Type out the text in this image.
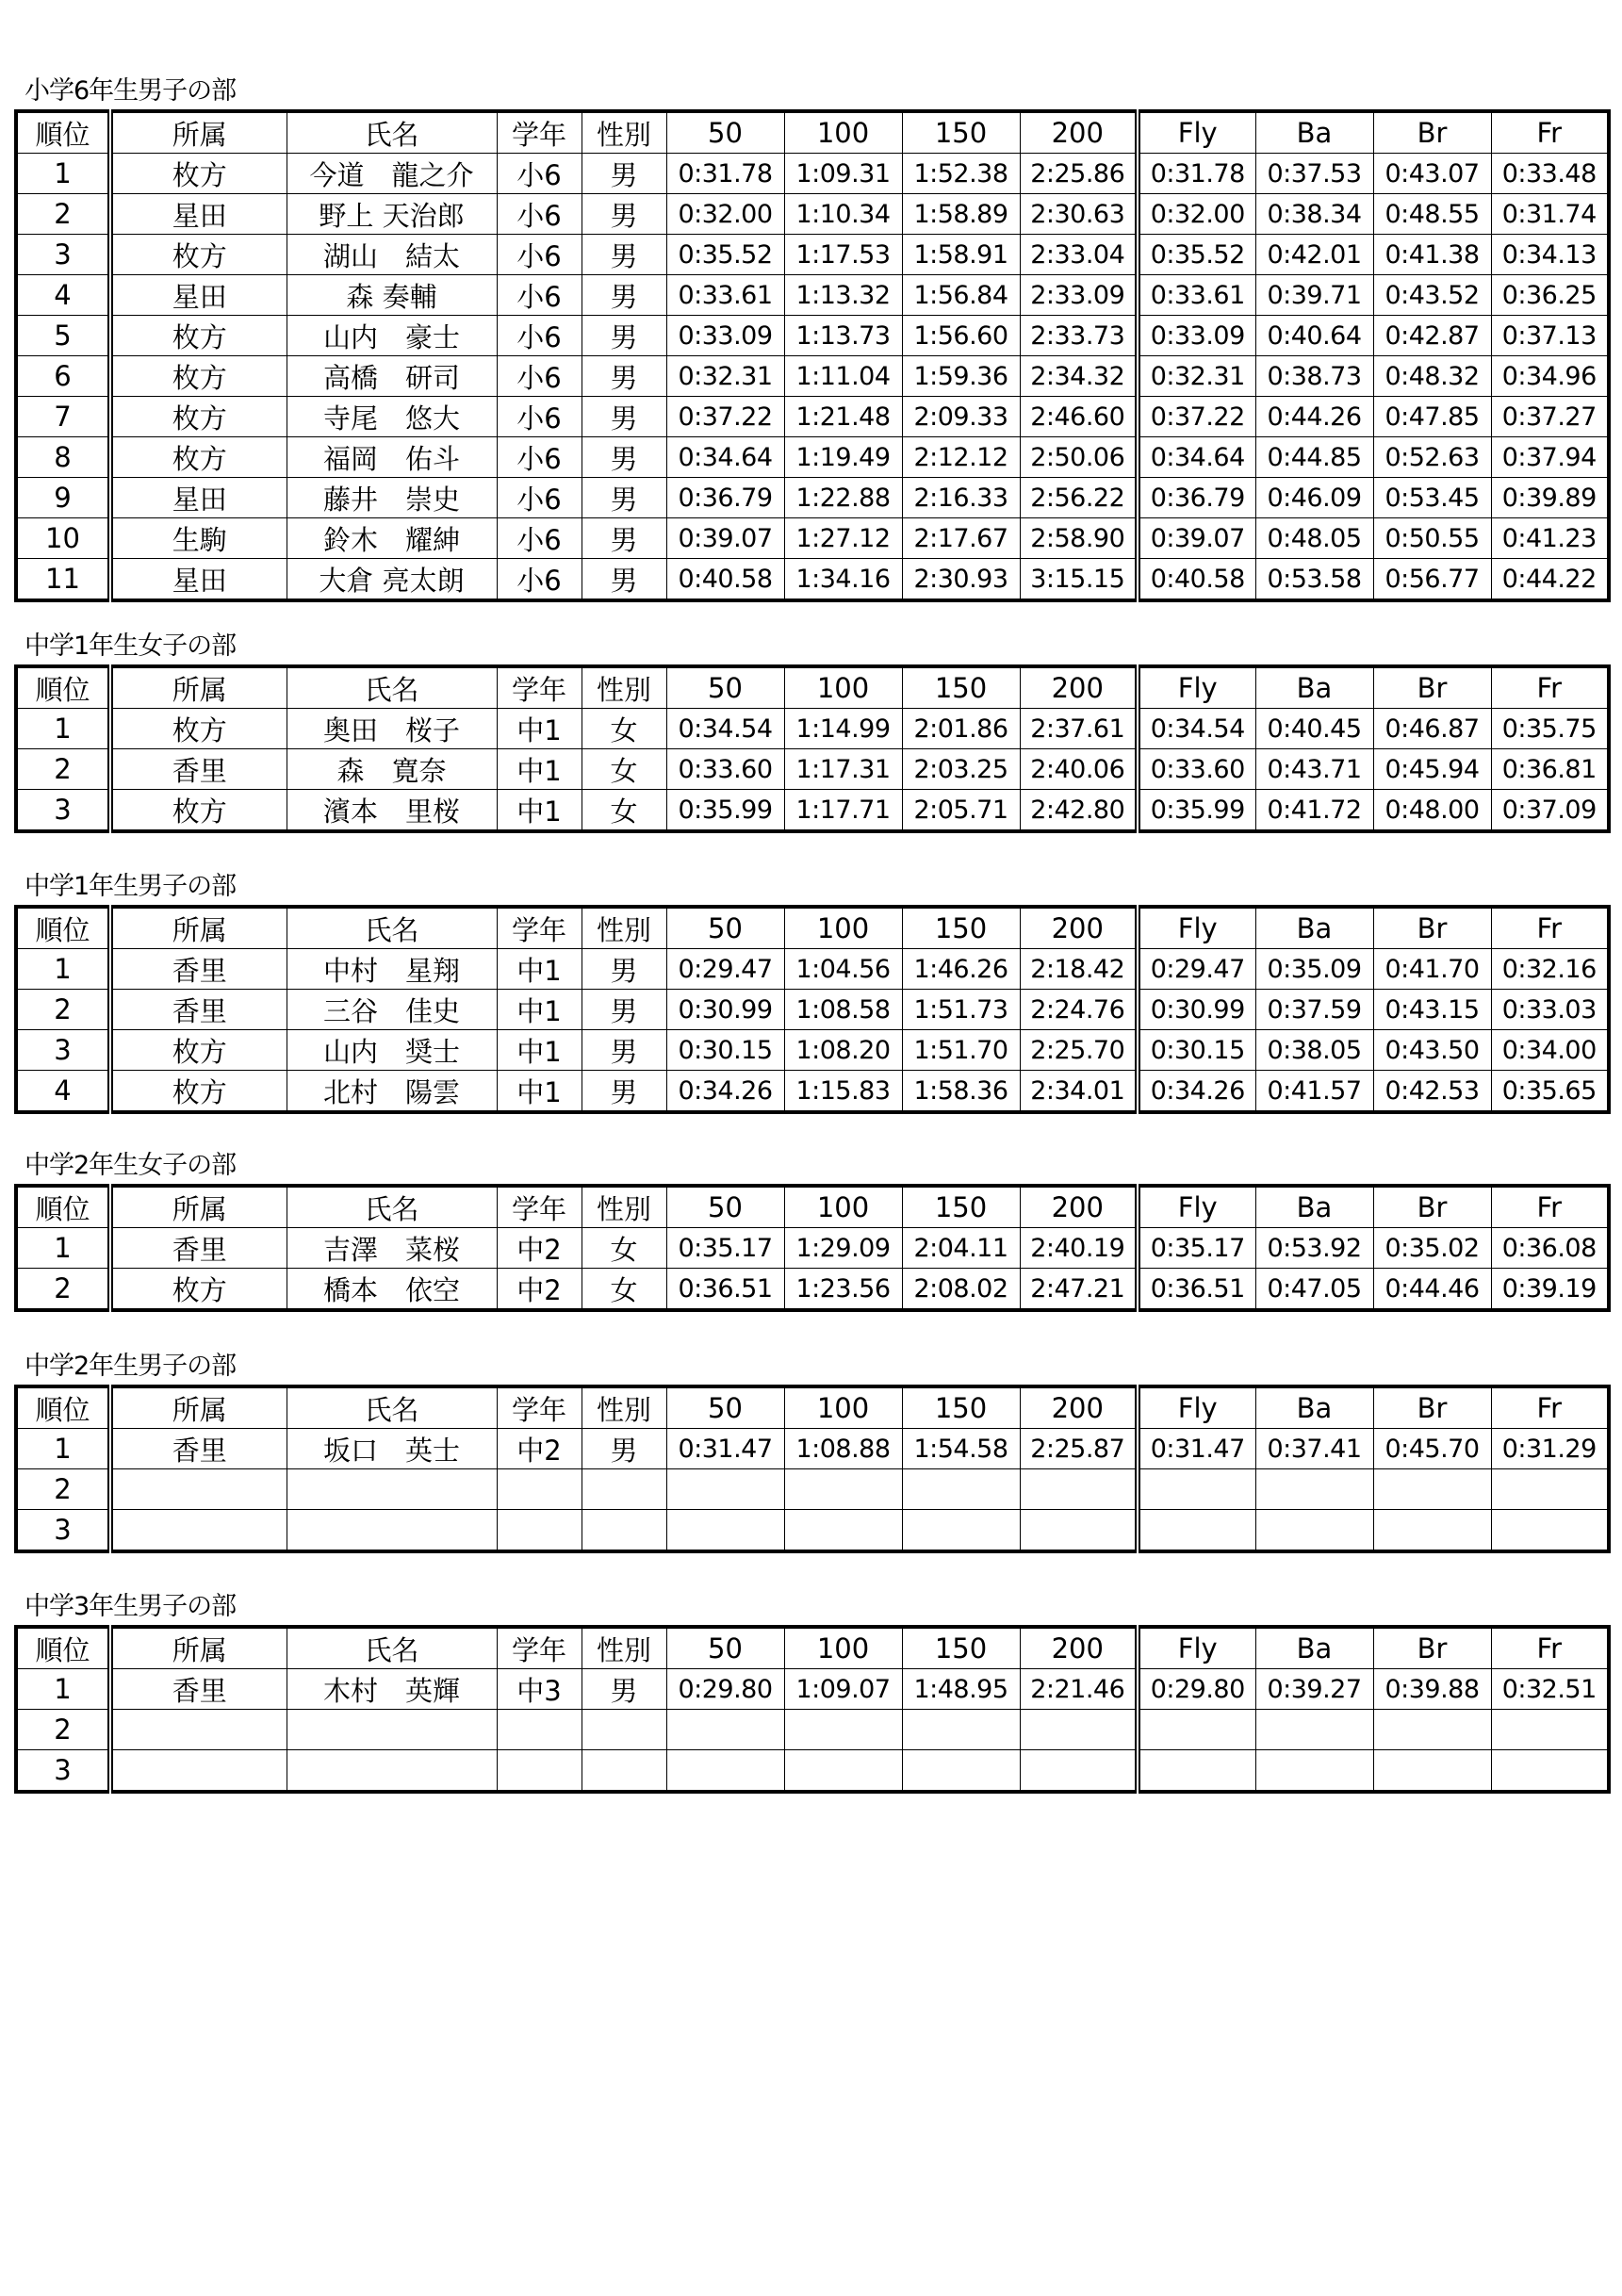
小学6年生男子の部
順位	所属	氏名	学年	性別	50	100	150	200	Fly	Ba	Br	Fr
1	枚方	今道　龍之介	小6	男	0:31.78	1:09.31	1:52.38	2:25.86	0:31.78	0:37.53	0:43.07	0:33.48
2	星田	野上 天治郎	小6	男	0:32.00	1:10.34	1:58.89	2:30.63	0:32.00	0:38.34	0:48.55	0:31.74
3	枚方	湖山　結太	小6	男	0:35.52	1:17.53	1:58.91	2:33.04	0:35.52	0:42.01	0:41.38	0:34.13
4	星田	森 奏輔	小6	男	0:33.61	1:13.32	1:56.84	2:33.09	0:33.61	0:39.71	0:43.52	0:36.25
5	枚方	山内　豪士	小6	男	0:33.09	1:13.73	1:56.60	2:33.73	0:33.09	0:40.64	0:42.87	0:37.13
6	枚方	高橋　研司	小6	男	0:32.31	1:11.04	1:59.36	2:34.32	0:32.31	0:38.73	0:48.32	0:34.96
7	枚方	寺尾　悠大	小6	男	0:37.22	1:21.48	2:09.33	2:46.60	0:37.22	0:44.26	0:47.85	0:37.27
8	枚方	福岡　佑斗	小6	男	0:34.64	1:19.49	2:12.12	2:50.06	0:34.64	0:44.85	0:52.63	0:37.94
9	星田	藤井　崇史	小6	男	0:36.79	1:22.88	2:16.33	2:56.22	0:36.79	0:46.09	0:53.45	0:39.89
10	生駒	鈴木　耀紳	小6	男	0:39.07	1:27.12	2:17.67	2:58.90	0:39.07	0:48.05	0:50.55	0:41.23
11	星田	大倉 亮太朗	小6	男	0:40.58	1:34.16	2:30.93	3:15.15	0:40.58	0:53.58	0:56.77	0:44.22
中学1年生女子の部
順位	所属	氏名	学年	性別	50	100	150	200	Fly	Ba	Br	Fr
1	枚方	奥田　桜子	中1	女	0:34.54	1:14.99	2:01.86	2:37.61	0:34.54	0:40.45	0:46.87	0:35.75
2	香里	森　寛奈	中1	女	0:33.60	1:17.31	2:03.25	2:40.06	0:33.60	0:43.71	0:45.94	0:36.81
3	枚方	濱本　里桜	中1	女	0:35.99	1:17.71	2:05.71	2:42.80	0:35.99	0:41.72	0:48.00	0:37.09
中学1年生男子の部
順位	所属	氏名	学年	性別	50	100	150	200	Fly	Ba	Br	Fr
1	香里	中村　星翔	中1	男	0:29.47	1:04.56	1:46.26	2:18.42	0:29.47	0:35.09	0:41.70	0:32.16
2	香里	三谷　佳史	中1	男	0:30.99	1:08.58	1:51.73	2:24.76	0:30.99	0:37.59	0:43.15	0:33.03
3	枚方	山内　奨士	中1	男	0:30.15	1:08.20	1:51.70	2:25.70	0:30.15	0:38.05	0:43.50	0:34.00
4	枚方	北村　陽雲	中1	男	0:34.26	1:15.83	1:58.36	2:34.01	0:34.26	0:41.57	0:42.53	0:35.65
中学2年生女子の部
順位	所属	氏名	学年	性別	50	100	150	200	Fly	Ba	Br	Fr
1	香里	吉澤　菜桜	中2	女	0:35.17	1:29.09	2:04.11	2:40.19	0:35.17	0:53.92	0:35.02	0:36.08
2	枚方	橋本　依空	中2	女	0:36.51	1:23.56	2:08.02	2:47.21	0:36.51	0:47.05	0:44.46	0:39.19
中学2年生男子の部
順位	所属	氏名	学年	性別	50	100	150	200	Fly	Ba	Br	Fr
1	香里	坂口　英士	中2	男	0:31.47	1:08.88	1:54.58	2:25.87	0:31.47	0:37.41	0:45.70	0:31.29
2												
3												
中学3年生男子の部
順位	所属	氏名	学年	性別	50	100	150	200	Fly	Ba	Br	Fr
1	香里	木村　英輝	中3	男	0:29.80	1:09.07	1:48.95	2:21.46	0:29.80	0:39.27	0:39.88	0:32.51
2												
3												
